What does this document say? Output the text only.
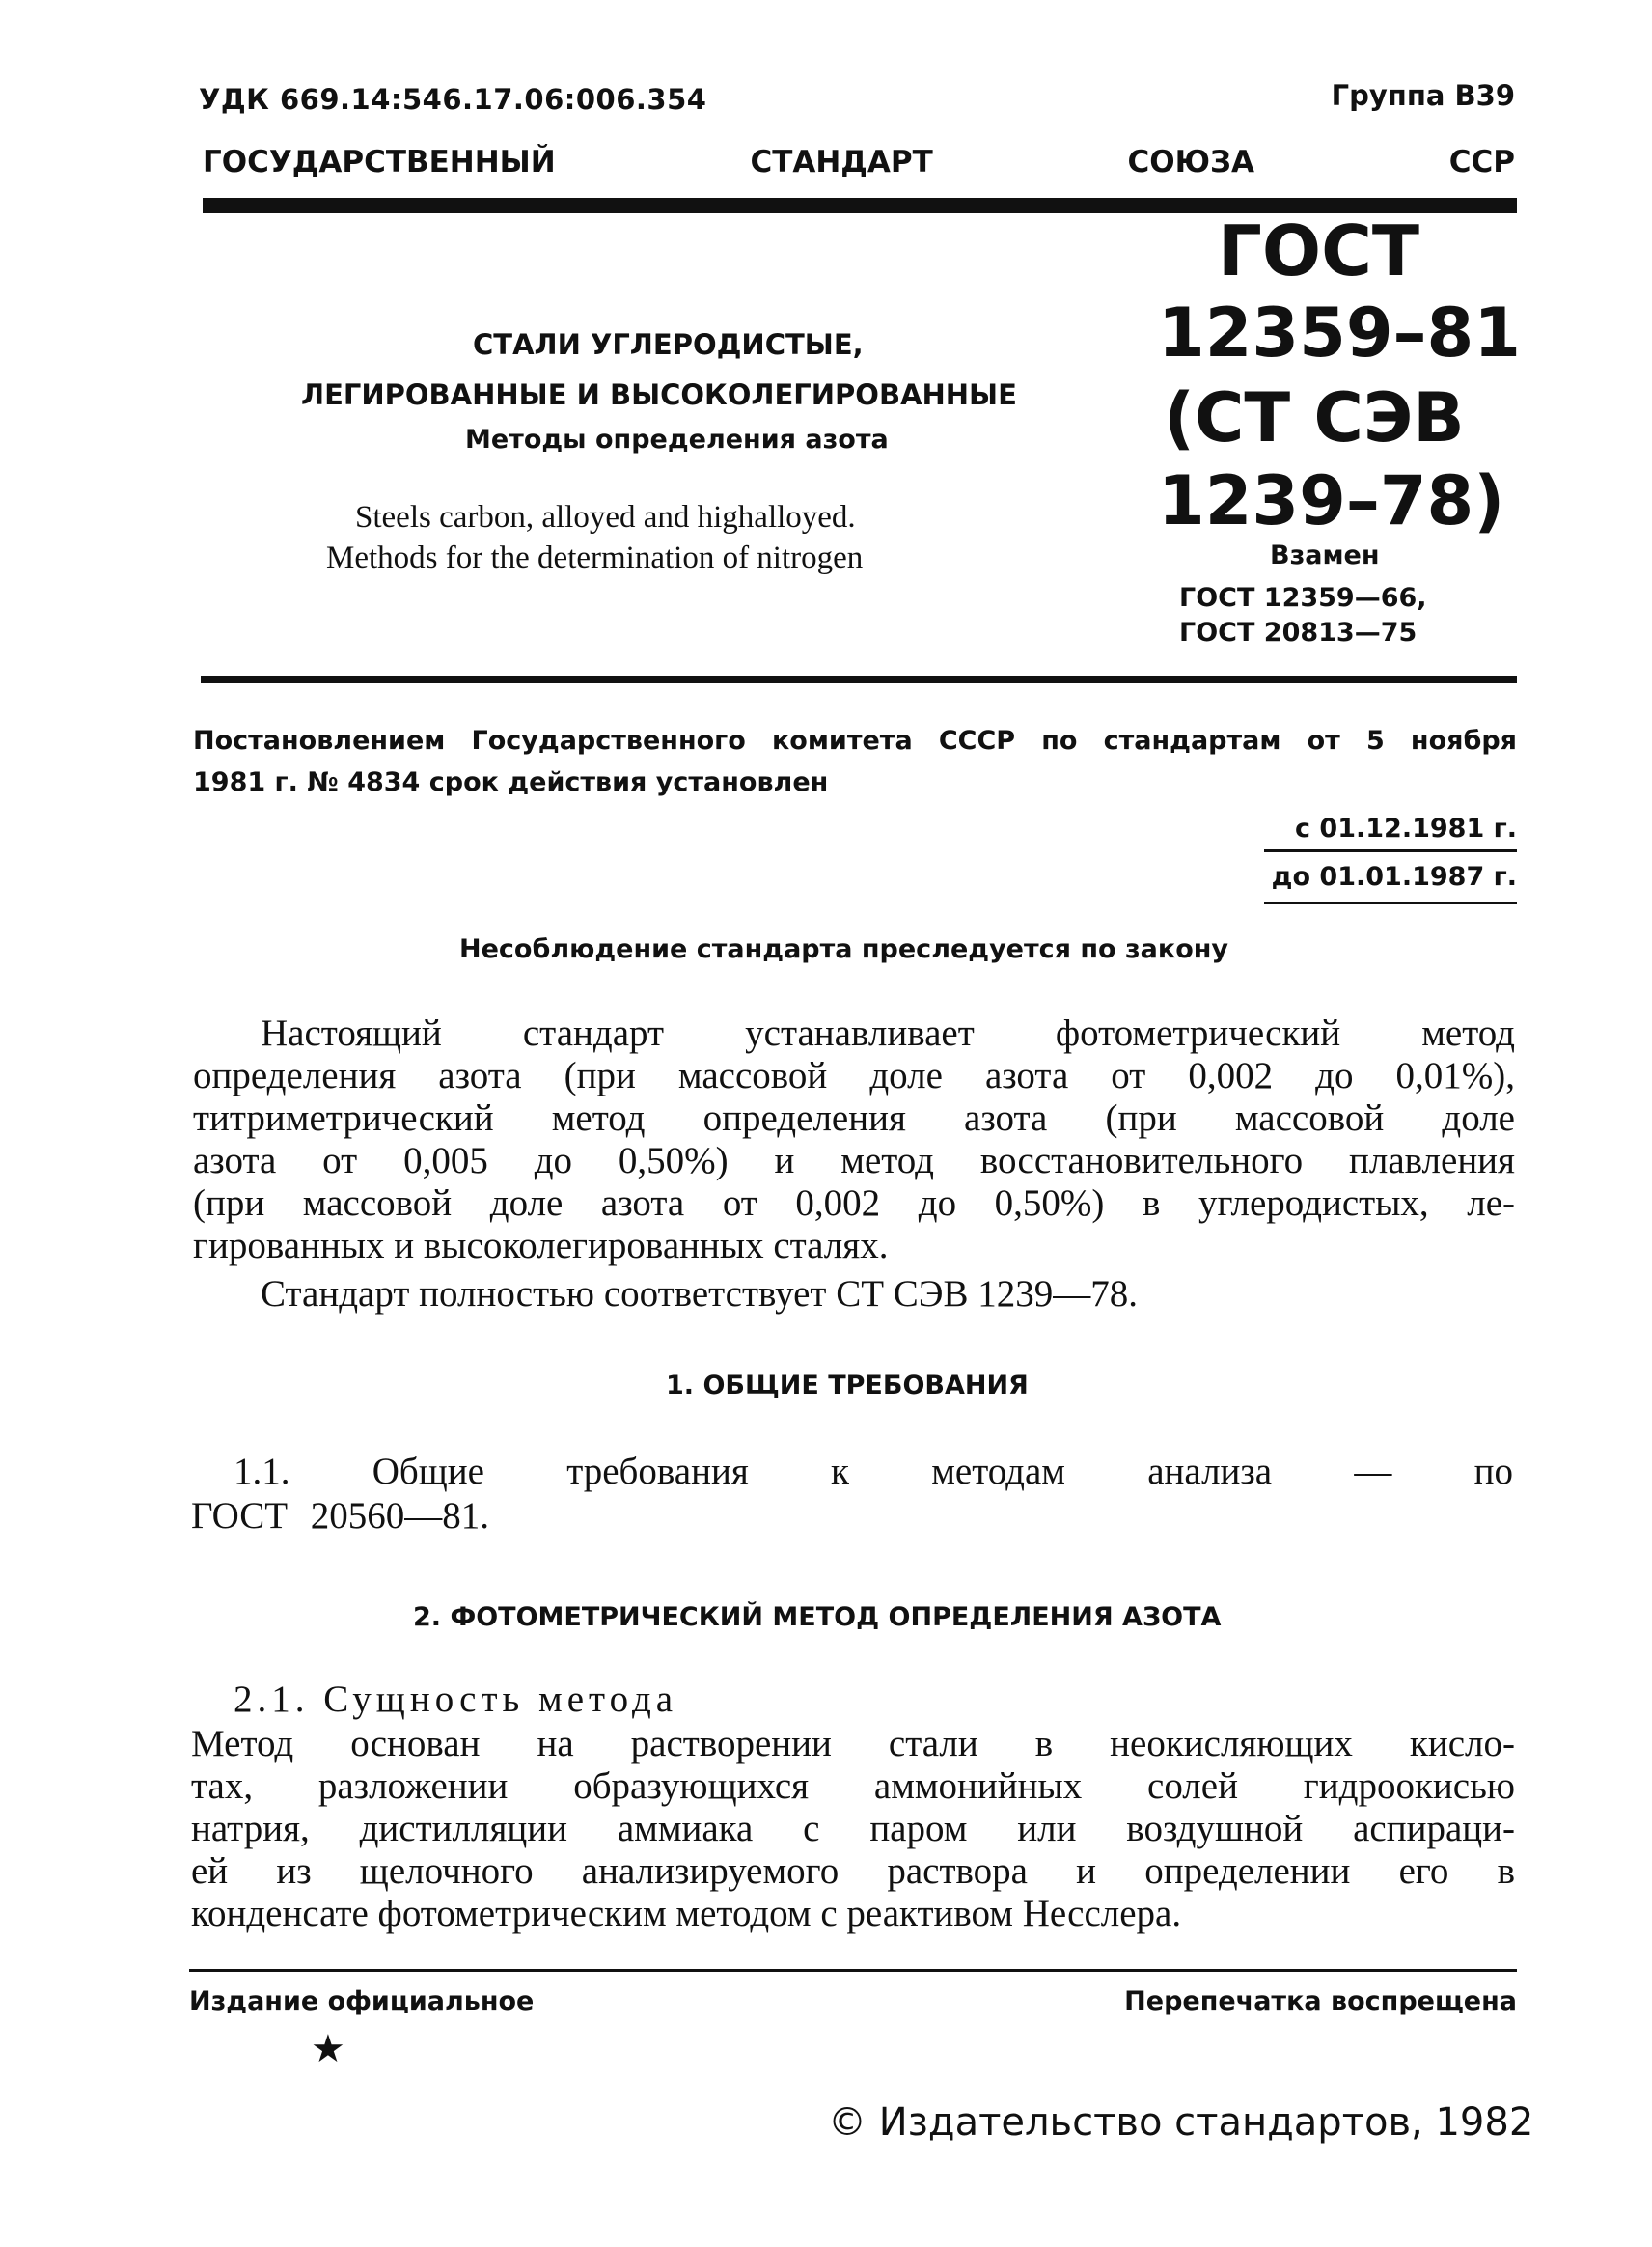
УДК 669.14:546.17.06:006.354	Группа В39
ГОСУДАРСТВЕННЫЙ СТАНДАРТ СОЮЗА ССР
СТАЛИ УГЛЕРОДИСТЫЕ,
ЛЕГИРОВАННЫЕ И ВЫСОКОЛЕГИРОВАННЫЕ
Методы определения азота
Steels carbon, alloyed and highalloyed.
Methods for the determination of nitrogen
ГОСТ
12359–81
(СТ СЭВ
1239–78)
Взамен
ГОСТ 12359—66,
ГОСТ 20813—75
Постановлением Государственного комитета СССР по стандартам от 5 ноября
1981 г. № 4834 срок действия установлен
с 01.12.1981 г.
до 01.01.1987 г.
Несоблюдение стандарта преследуется по закону
Настоящий стандарт устанавливает фотометрический метод
определения азота (при массовой доле азота от 0,002 до 0,01%),
титриметрический метод определения азота (при массовой доле
азота от 0,005 до 0,50%) и метод восстановительного плавления
(при массовой доле азота от 0,002 до 0,50%) в углеродистых, ле-
гированных и высоколегированных сталях.
Стандарт полностью соответствует СТ СЭВ 1239—78.
1. ОБЩИЕ ТРЕБОВАНИЯ
1.1. Общие требования к методам анализа — по
ГОСТ 20560—81.
2. ФОТОМЕТРИЧЕСКИЙ МЕТОД ОПРЕДЕЛЕНИЯ АЗОТА
2.1. Сущность метода
Метод основан на растворении стали в неокисляющих кисло-
тах, разложении образующихся аммонийных солей гидроокисью
натрия, дистилляции аммиака с паром или воздушной аспираци-
ей из щелочного анализируемого раствора и определении его в
конденсате фотометрическим методом с реактивом Несслера.
Издание официальное	Перепечатка воспрещена
★
© Издательство стандартов, 1982
